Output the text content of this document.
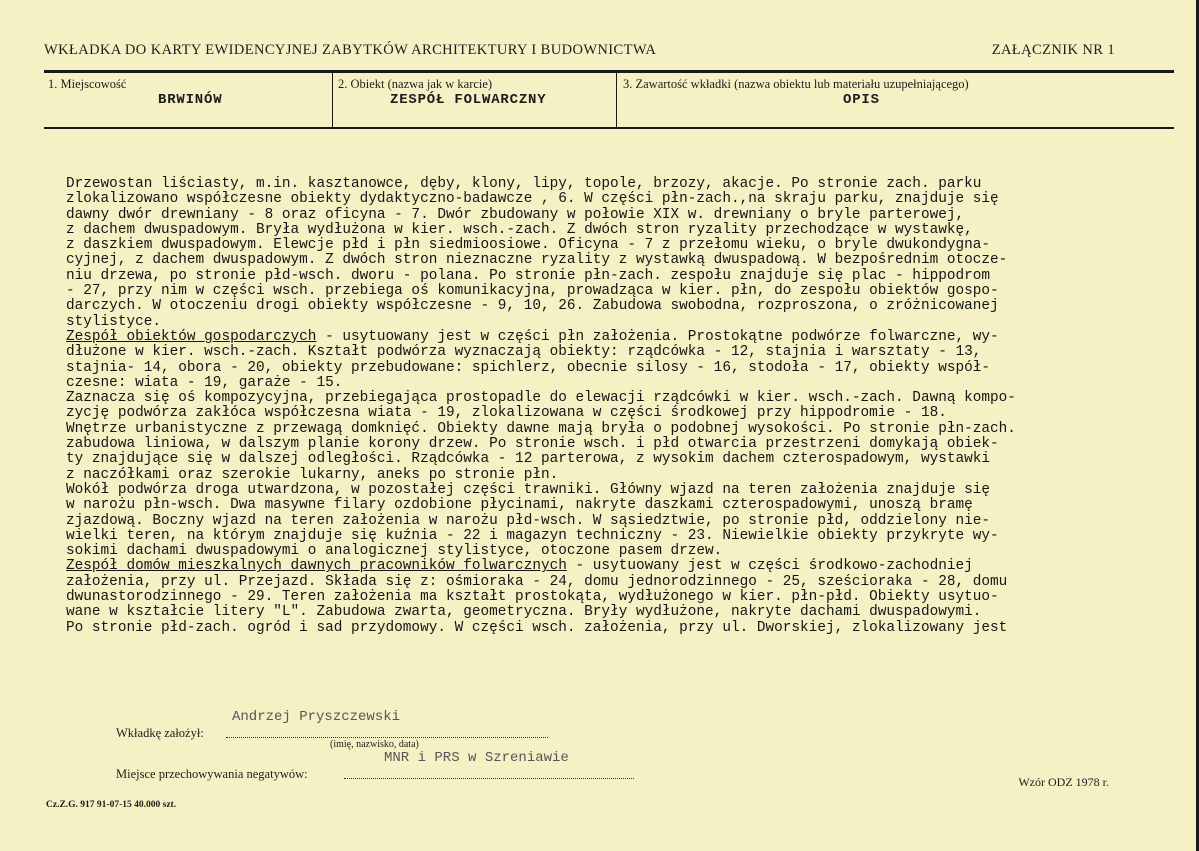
WKŁADKA DO KARTY EWIDENCYJNEJ ZABYTKÓW ARCHITEKTURY I BUDOWNICTWA	ZAŁĄCZNIK NR 1
1. Miejscowość
BRWINÓW
2. Obiekt (nazwa jak w karcie)
ZESPÓŁ FOLWARCZNY
3. Zawartość wkładki (nazwa obiektu lub materiału uzupełniającego)
OPIS
Drzewostan liściasty, m.in. kasztanowce, dęby, klony, lipy, topole, brzozy, akacje. Po stronie zach. parku
zlokalizowano współczesne obiekty dydaktyczno-badawcze , 6. W części płn-zach.,na skraju parku, znajduje się
dawny dwór drewniany - 8 oraz oficyna - 7. Dwór zbudowany w połowie XIX w. drewniany o bryle parterowej,
z dachem dwuspadowym. Bryła wydłużona w kier. wsch.-zach. Z dwóch stron ryzality przechodzące w wystawkę,
z daszkiem dwuspadowym. Elewcje płd i płn siedmioosiowe. Oficyna - 7 z przełomu wieku, o bryle dwukondygna-
cyjnej, z dachem dwuspadowym. Z dwóch stron nieznaczne ryzality z wystawką dwuspadową. W bezpośrednim otocze-
niu drzewa, po stronie płd-wsch. dworu - polana. Po stronie płn-zach. zespołu znajduje się plac - hippodrom
- 27, przy nim w części wsch. przebiega oś komunikacyjna, prowadząca w kier. płn, do zespołu obiektów gospo-
darczych. W otoczeniu drogi obiekty współczesne - 9, 10, 26. Zabudowa swobodna, rozproszona, o zróżnicowanej
stylistyce.
Zespół obiektów gospodarczych - usytuowany jest w części płn założenia. Prostokątne podwórze folwarczne, wy-
dłużone w kier. wsch.-zach. Kształt podwórza wyznaczają obiekty: rządcówka - 12, stajnia i warsztaty - 13,
stajnia- 14, obora - 20, obiekty przebudowane: spichlerz, obecnie silosy - 16, stodoła - 17, obiekty współ-
czesne: wiata - 19, garaże - 15.
Zaznacza się oś kompozycyjna, przebiegająca prostopadle do elewacji rządcówki w kier. wsch.-zach. Dawną kompo-
zycję podwórza zakłóca współczesna wiata - 19, zlokalizowana w części środkowej przy hippodromie - 18.
Wnętrze urbanistyczne z przewagą domknięć. Obiekty dawne mają bryła o podobnej wysokości. Po stronie płn-zach.
zabudowa liniowa, w dalszym planie korony drzew. Po stronie wsch. i płd otwarcia przestrzeni domykają obiek-
ty znajdujące się w dalszej odległości. Rządcówka - 12 parterowa, z wysokim dachem czterospadowym, wystawki
z naczółkami oraz szerokie lukarny, aneks po stronie płn.
Wokół podwórza droga utwardzona, w pozostałej części trawniki. Główny wjazd na teren założenia znajduje się
w narożu płn-wsch. Dwa masywne filary ozdobione płycinami, nakryte daszkami czterospadowymi, unoszą bramę
zjazdową. Boczny wjazd na teren założenia w narożu płd-wsch. W sąsiedztwie, po stronie płd, oddzielony nie-
wielki teren, na którym znajduje się kuźnia - 22 i magazyn techniczny - 23. Niewielkie obiekty przykryte wy-
sokimi dachami dwuspadowymi o analogicznej stylistyce, otoczone pasem drzew.
Zespół domów mieszkalnych dawnych pracowników folwarcznych - usytuowany jest w części środkowo-zachodniej
założenia, przy ul. Przejazd. Składa się z: ośmioraka - 24, domu jednorodzinnego - 25, sześcioraka - 28, domu
dwunastorodzinnego - 29. Teren założenia ma kształt prostokąta, wydłużonego w kier. płn-płd. Obiekty usytuo-
wane w kształcie litery "L". Zabudowa zwarta, geometryczna. Bryły wydłużone, nakryte dachami dwuspadowymi.
Po stronie płd-zach. ogród i sad przydomowy. W części wsch. założenia, przy ul. Dworskiej, zlokalizowany jest
Wkładkę założył:
Andrzej Pryszczewski
(imię, nazwisko, data)
Miejsce przechowywania negatywów:
MNR i PRS w Szreniawie
Cz.Z.G. 917 91-07-15 40.000 szt.
Wzór ODZ 1978 r.
